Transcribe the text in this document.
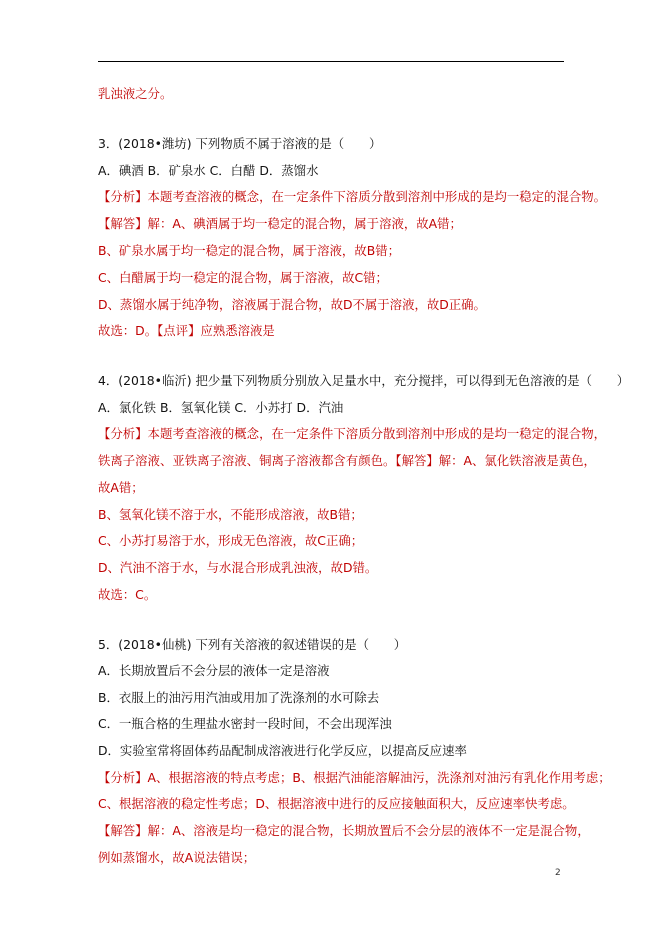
乳浊液之分。
3．(2018•潍坊) 下列物质不属于溶液的是（　　）
A．碘酒 B．矿泉水 C．白醋 D．蒸馏水
【分析】本题考查溶液的概念，在一定条件下溶质分散到溶剂中形成的是均一稳定的混合物。
【解答】解：A、碘酒属于均一稳定的混合物，属于溶液，故A错；
B、矿泉水属于均一稳定的混合物，属于溶液，故B错；
C、白醋属于均一稳定的混合物，属于溶液，故C错；
D、蒸馏水属于纯净物，溶液属于混合物，故D不属于溶液，故D正确。
故选：D。【点评】应熟悉溶液是
4．(2018•临沂) 把少量下列物质分别放入足量水中，充分搅拌，可以得到无色溶液的是（　　）
A．氯化铁 B．氢氧化镁 C．小苏打 D．汽油
【分析】本题考查溶液的概念，在一定条件下溶质分散到溶剂中形成的是均一稳定的混合物，
铁离子溶液、亚铁离子溶液、铜离子溶液都含有颜色。【解答】解：A、氯化铁溶液是黄色，
故A错；
B、氢氧化镁不溶于水，不能形成溶液，故B错；
C、小苏打易溶于水，形成无色溶液，故C正确；
D、汽油不溶于水，与水混合形成乳浊液，故D错。
故选：C。
5．(2018•仙桃) 下列有关溶液的叙述错误的是（　　）
A．长期放置后不会分层的液体一定是溶液
B．衣服上的油污用汽油或用加了洗涤剂的水可除去
C．一瓶合格的生理盐水密封一段时间，不会出现浑浊
D．实验室常将固体药品配制成溶液进行化学反应，以提高反应速率
【分析】A、根据溶液的特点考虑；B、根据汽油能溶解油污，洗涤剂对油污有乳化作用考虑；
C、根据溶液的稳定性考虑；D、根据溶液中进行的反应接触面积大，反应速率快考虑。
【解答】解：A、溶液是均一稳定的混合物，长期放置后不会分层的液体不一定是混合物，
例如蒸馏水，故A说法错误；
2
